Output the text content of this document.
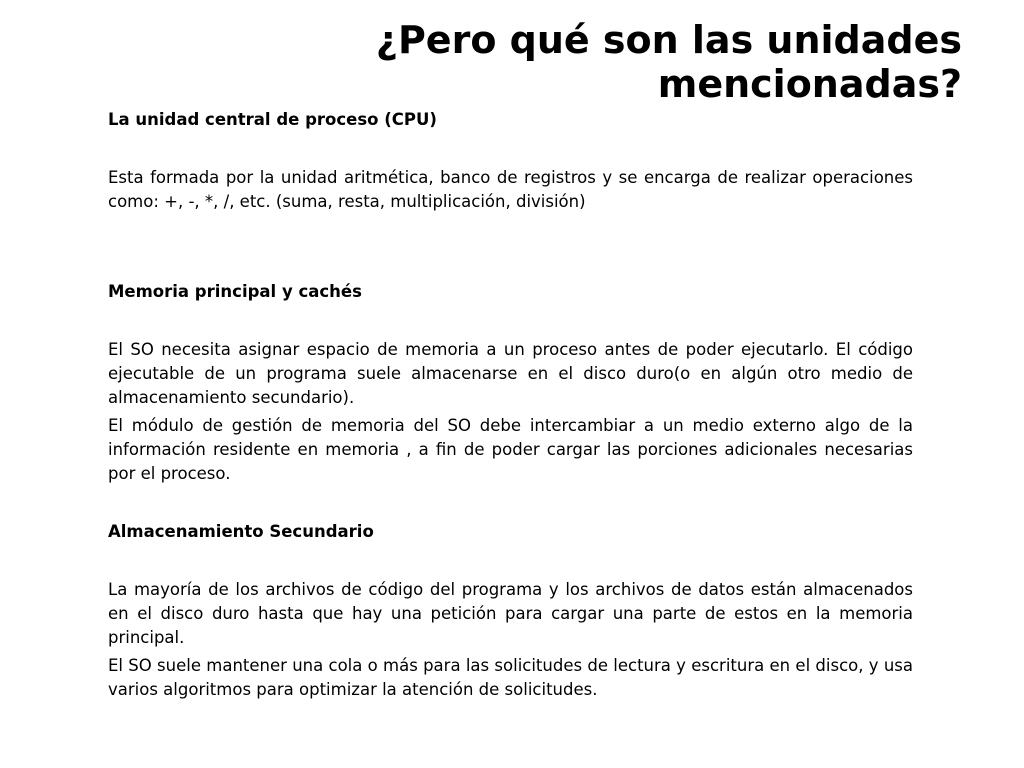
¿Pero qué son las unidades mencionadas?

La unidad central de proceso (CPU)

Esta formada por la unidad aritmética, banco de registros y se encarga de realizar operaciones como: +, -, *, /, etc. (suma, resta, multiplicación, división)

Memoria principal y cachés

El SO necesita asignar espacio de memoria a un proceso antes de poder ejecutarlo. El código ejecutable de un programa suele almacenarse en el disco duro(o en algún otro medio de almacenamiento secundario).

El módulo de gestión de memoria del SO debe intercambiar a un medio externo algo de la información residente en memoria , a fin de poder cargar las porciones adicionales necesarias por el proceso.

Almacenamiento Secundario

La mayoría de los archivos de código del programa y los archivos de datos están almacenados en el disco duro hasta que hay una petición para cargar una parte de estos en la memoria principal.

El SO suele mantener una cola o más para las solicitudes de lectura y escritura en el disco, y usa varios algoritmos para optimizar la atención de solicitudes.
